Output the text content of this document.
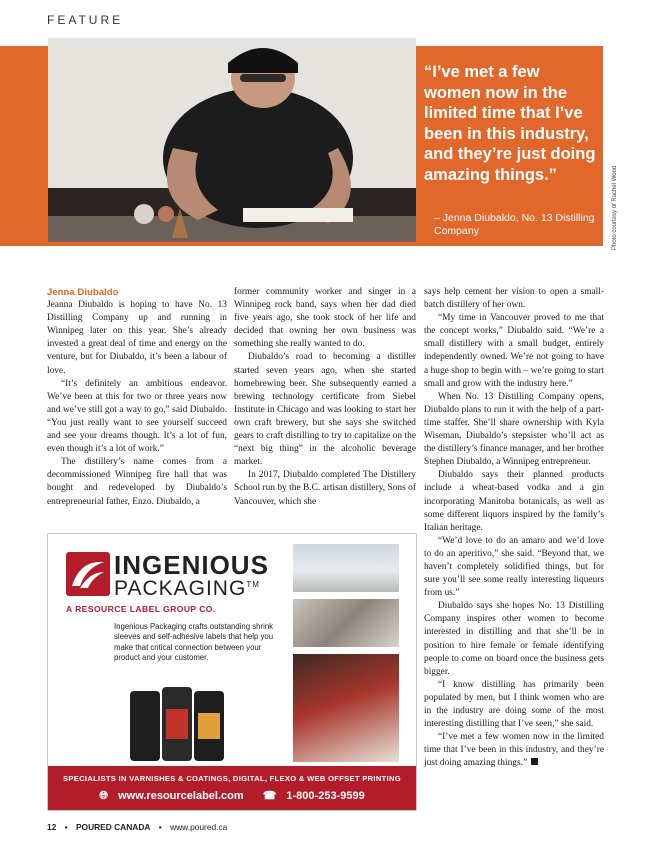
FEATURE
“I’ve met a few women now in the limited time that I’ve been in this industry, and they’re just doing amazing things.”
– Jenna Diubaldo, No. 13 Distilling Company	Photo courtesy of Rachel Wood

Jenna Diubaldo

Jeanna Diubaldo is hoping to have No. 13 Distilling Company up and running in Winnipeg later on this year. She’s already invested a great deal of time and energy on the venture, but for Diubaldo, it’s been a labour of love.

“It’s definitely an ambitious endeavor. We’ve been at this for two or three years now and we’ve still got a way to go,” said Diubaldo. “You just really want to see yourself succeed and see your dreams though. It’s a lot of fun, even though it’s a lot of work.”

The distillery’s name comes from a decommissioned Winnipeg fire hall that was bought and redeveloped by Diubaldo’s entrepreneurial father, Enzo. Diubaldo, a

former community worker and singer in a Winnipeg rock band, says when her dad died five years ago, she took stock of her life and decided that owning her own business was something she really wanted to do.

Diubaldo’s road to becoming a distiller started seven years ago, when she started homebrewing beer. She subsequently earned a brewing technology certificate from Siebel Institute in Chicago and was looking to start her own craft brewery, but she says she switched gears to craft distilling to try to capitalize on the “next big thing” in the alcoholic beverage market.

In 2017, Diubaldo completed The Distillery School run by the B.C. artisan distillery, Sons of Vancouver, which she

says help cement her vision to open a small-batch distillery of her own.

“My time in Vancouver proved to me that the concept works,” Diubaldo said. “We’re a small distillery with a small budget, entirely independently owned. We’re not going to have a huge shop to begin with – we’re going to start small and grow with the industry here.”

When No. 13 Distilling Company opens, Diubaldo plans to run it with the help of a part-time staffer. She’ll share ownership with Kyla Wiseman, Diubaldo’s stepsister who’ll act as the distillery’s finance manager, and her brother Stephen Diubaldo, a Winnipeg entrepreneur.

Diubaldo says their planned products include a wheat-based vodka and a gin incorporating Manitoba botanicals, as well as some different liquors inspired by the family’s Italian heritage.

“We’d love to do an amaro and we’d love to do an aperitivo,” she said. “Beyond that, we haven’t completely solidified things, but for sure you’ll see some really interesting liqueurs from us.”

Diubaldo says she hopes No. 13 Distilling Company inspires other women to become interested in distilling and that she’ll be in position to hire female or female identifying people to come on board once the business gets bigger.

“I know distilling has primarily been populated by men, but I think women who are in the industry are doing some of the most interesting distilling that I’ve seen,” she said.

“I’ve met a few women now in the limited time that I’ve been in this industry, and they’re just doing amazing things.”

INGENIOUS
PACKAGING™
A RESOURCE LABEL GROUP CO.
Ingenious Packaging crafts outstanding shrink sleeves and self-adhesive labels that help you make that critical connection between your product and your customer.
SPECIALISTS IN VARNISHES & COATINGS, DIGITAL, FLEXO & WEB OFFSET PRINTING
🌐︎ www.resourcelabel.com ☎ 1-800-253-9599
12 ▪ POURED CANADA ▪ www.poured.ca
